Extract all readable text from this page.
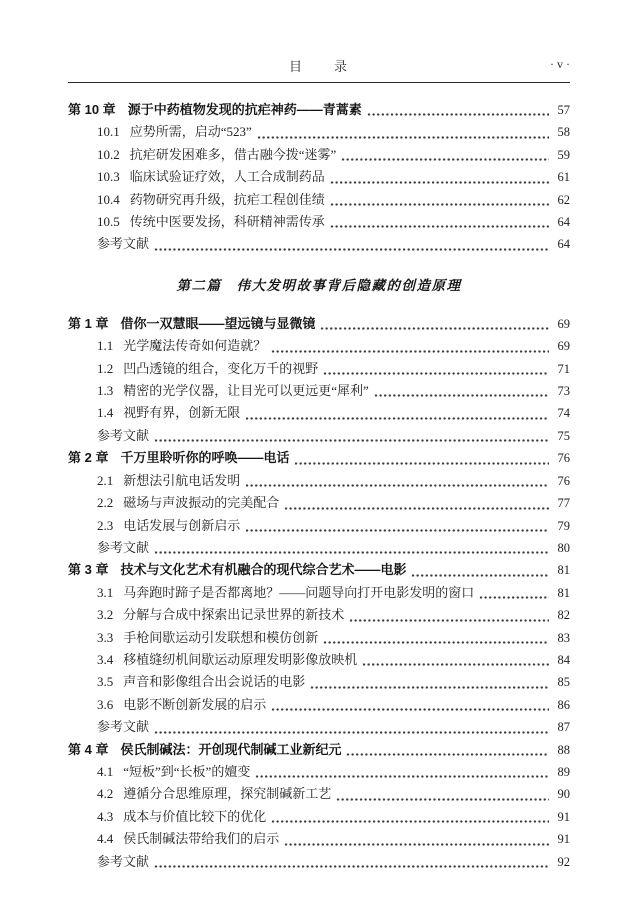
目　　录	· v ·
第 10 章 源于中药植物发现的抗疟神药——青蒿素	57
10.1 应势所需，启动“523”	58
10.2 抗疟研发困难多，借古融今拨“迷雾”	59
10.3 临床试验证疗效，人工合成制药品	61
10.4 药物研究再升级，抗疟工程创佳绩	62
10.5 传统中医要发扬，科研精神需传承	64
参考文献	64
第二篇　伟大发明故事背后隐藏的创造原理
第 1 章 借你一双慧眼——望远镜与显微镜	69
1.1 光学魔法传奇如何造就？	69
1.2 凹凸透镜的组合，变化万千的视野	71
1.3 精密的光学仪器，让目光可以更远更“犀利”	73
1.4 视野有界，创新无限	74
参考文献	75
第 2 章 千万里聆听你的呼唤——电话	76
2.1 新想法引航电话发明	76
2.2 磁场与声波振动的完美配合	77
2.3 电话发展与创新启示	79
参考文献	80
第 3 章 技术与文化艺术有机融合的现代综合艺术——电影	81
3.1 马奔跑时蹄子是否都离地？——问题导向打开电影发明的窗口	81
3.2 分解与合成中探索出记录世界的新技术	82
3.3 手枪间歇运动引发联想和模仿创新	83
3.4 移植缝纫机间歇运动原理发明影像放映机	84
3.5 声音和影像组合出会说话的电影	85
3.6 电影不断创新发展的启示	86
参考文献	87
第 4 章 侯氏制碱法：开创现代制碱工业新纪元	88
4.1 “短板”到“长板”的嬗变	89
4.2 遵循分合思维原理，探究制碱新工艺	90
4.3 成本与价值比较下的优化	91
4.4 侯氏制碱法带给我们的启示	91
参考文献	92
